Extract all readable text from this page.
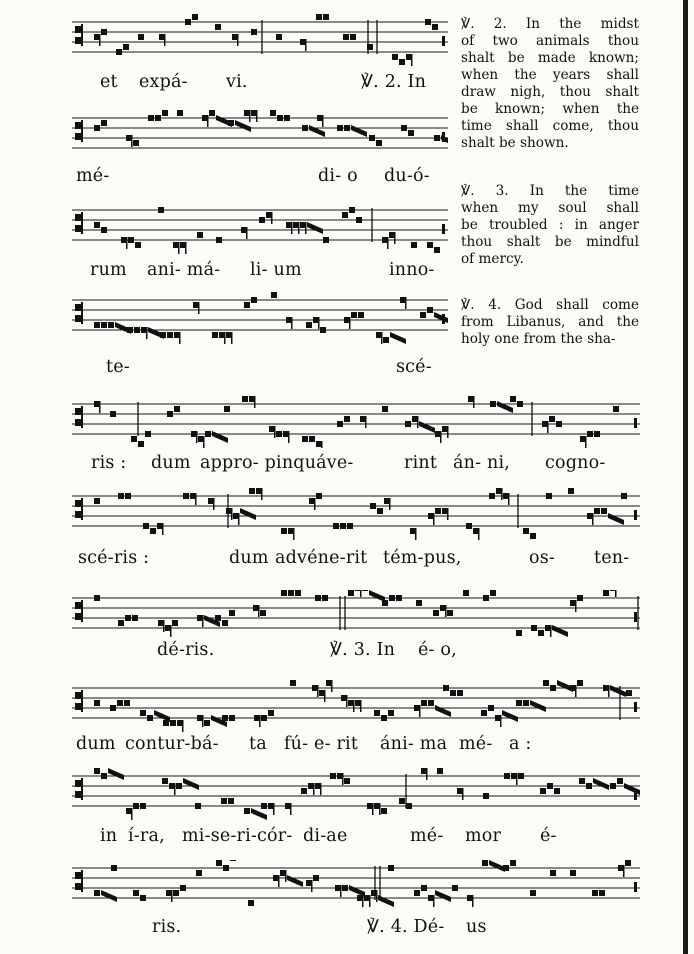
et expá- vi.	℣. 2. In
mé-	di- o du-ó-
rum ani- má- li- um	inno-
te-	scé-
ris : dum appro- pinquáve-	rint án- ni, cogno-
scé-ris :	dum advéne-rit tém-pus,	os- ten-
dé-ris.	℣. 3. In é- o,
dum contur-bá- ta fú- e- rit áni- ma mé- a :
in í-ra, mi-se-ri-cór- di-ae	mé- mor é-
ris.	℣. 4. Dé- us
℣. 2. In the midst
of two animals thou
shalt be made known;
when the years shall
draw nigh, thou shalt
be known; when the
time shall come, thou
shalt be shown.
℣. 3. In the time
when my soul shall
be troubled : in anger
thou shalt be mindful
of mercy.
℣. 4. God shall come
from Libanus, and the
holy one from the sha-
